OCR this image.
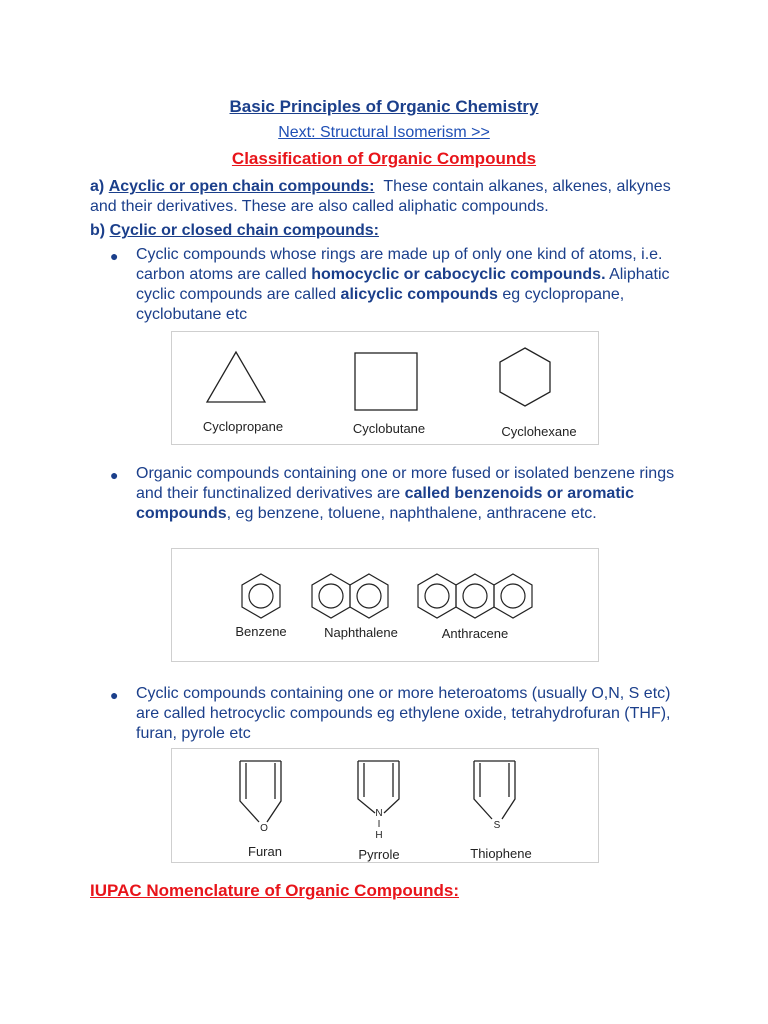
Basic Principles of Organic Chemistry
Next: Structural Isomerism >>
Classification of Organic Compounds
a) Acyclic or open chain compounds: These contain alkanes, alkenes, alkynes and their derivatives. These are also called aliphatic compounds.
b) Cyclic or closed chain compounds:
● Cyclic compounds whose rings are made up of only one kind of atoms, i.e. carbon atoms are called homocyclic or cabocyclic compounds. Aliphatic cyclic compounds are called alicyclic compounds eg cyclopropane, cyclobutane etc
Cyclopropane	Cyclobutane	Cyclohexane
● Organic compounds containing one or more fused or isolated benzene rings and their functinalized derivatives are called benzenoids or aromatic compounds, eg benzene, toluene, naphthalene, anthracene etc.
Benzene	Naphthalene	Anthracene
● Cyclic compounds containing one or more heteroatoms (usually O,N, S etc) are called hetrocyclic compounds eg ethylene oxide, tetrahydrofuran (THF), furan, pyrole etc
O
N
I
H
S
Furan	Pyrrole	Thiophene
IUPAC Nomenclature of Organic Compounds:
